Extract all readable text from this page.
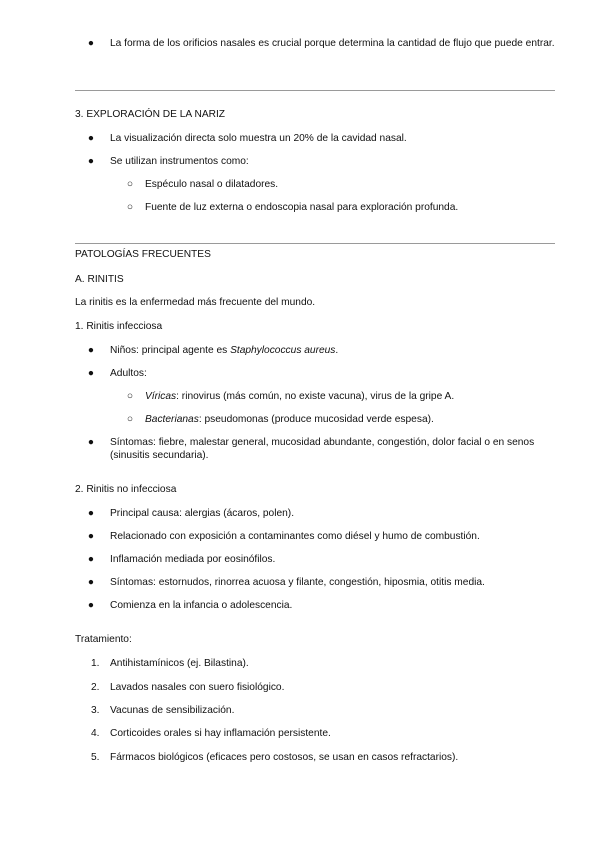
● La forma de los orificios nasales es crucial porque determina la cantidad de flujo que puede entrar.
3. EXPLORACIÓN DE LA NARIZ
● La visualización directa solo muestra un 20% de la cavidad nasal.
● Se utilizan instrumentos como:
○ Espéculo nasal o dilatadores.
○ Fuente de luz externa o endoscopia nasal para exploración profunda.
PATOLOGÍAS FRECUENTES
A. RINITIS
La rinitis es la enfermedad más frecuente del mundo.
1. Rinitis infecciosa
● Niños: principal agente es Staphylococcus aureus.
● Adultos:
○ Víricas: rinovirus (más común, no existe vacuna), virus de la gripe A.
○ Bacterianas: pseudomonas (produce mucosidad verde espesa).
● Síntomas: fiebre, malestar general, mucosidad abundante, congestión, dolor facial o en senos (sinusitis secundaria).
2. Rinitis no infecciosa
● Principal causa: alergias (ácaros, polen).
● Relacionado con exposición a contaminantes como diésel y humo de combustión.
● Inflamación mediada por eosinófilos.
● Síntomas: estornudos, rinorrea acuosa y filante, congestión, hiposmia, otitis media.
● Comienza en la infancia o adolescencia.
Tratamiento:
1. Antihistamínicos (ej. Bilastina).
2. Lavados nasales con suero fisiológico.
3. Vacunas de sensibilización.
4. Corticoides orales si hay inflamación persistente.
5. Fármacos biológicos (eficaces pero costosos, se usan en casos refractarios).
